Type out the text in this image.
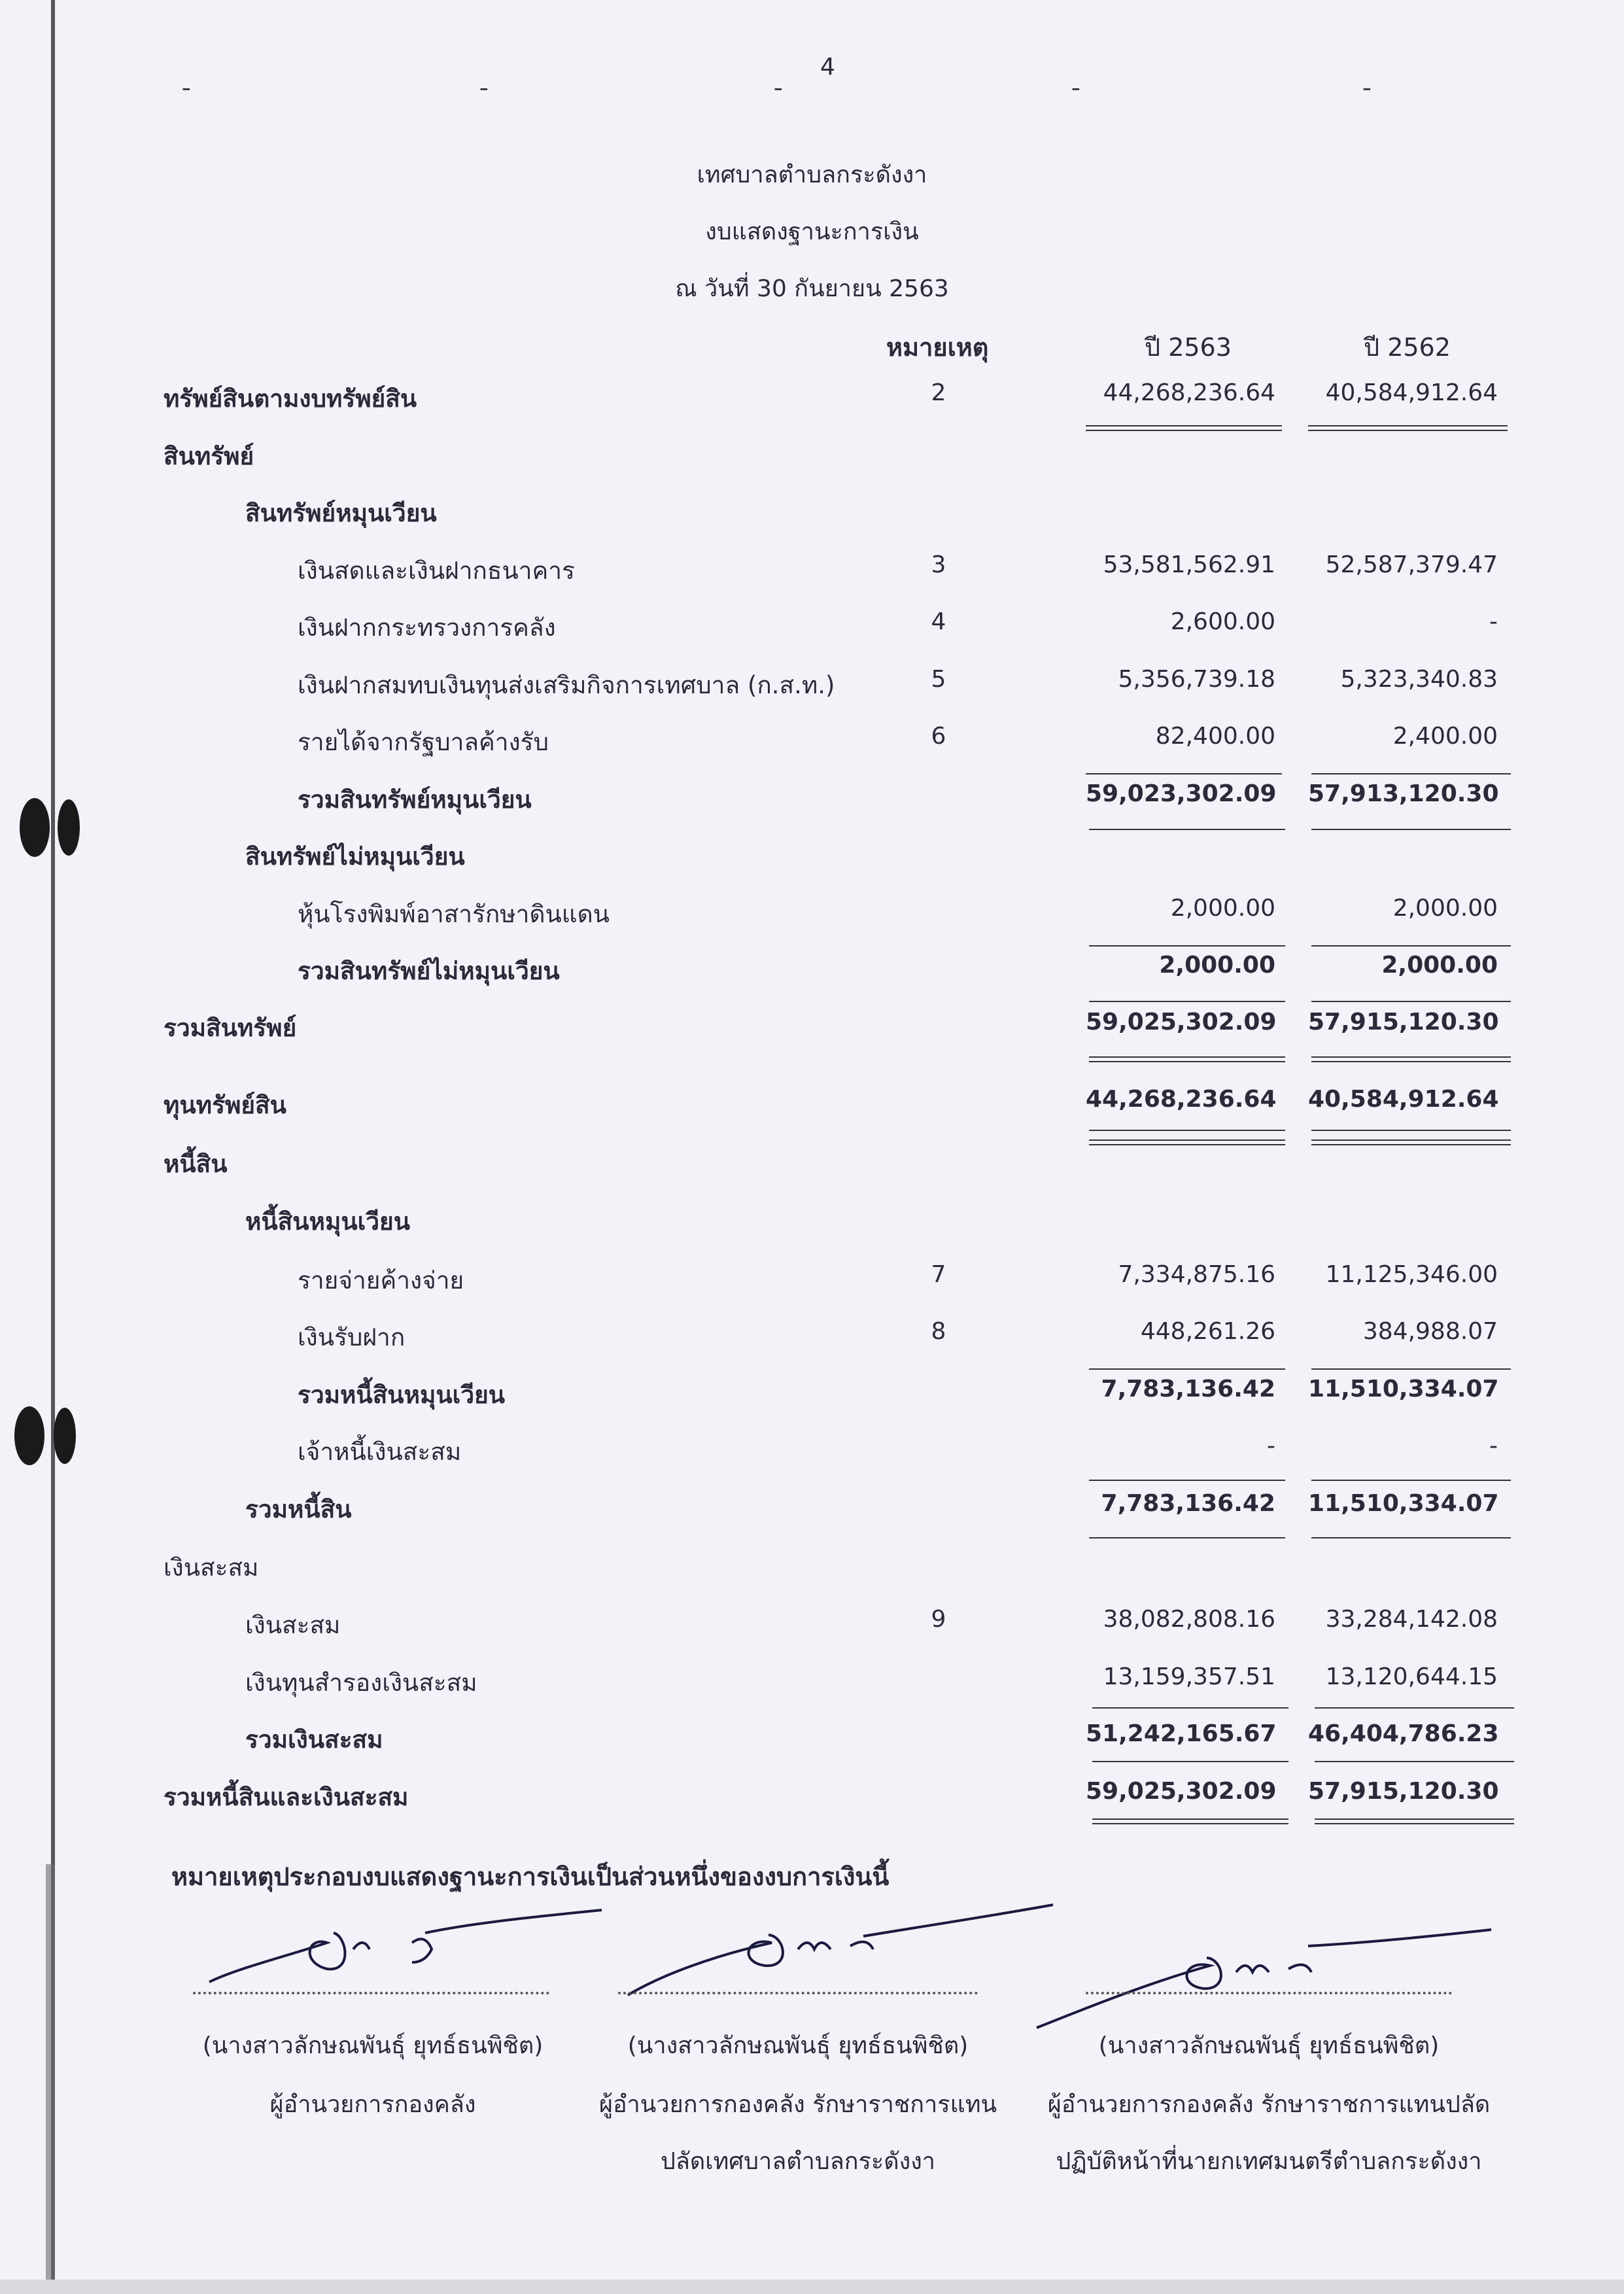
╴	╴	╴	╴	╴
4
เทศบาลตำบลกระดังงา
งบแสดงฐานะการเงิน
ณ วันที่ 30 กันยายน 2563
หมายเหตุ	ปี 2563	ปี 2562
ทรัพย์สินตามงบทรัพย์สิน	2	44,268,236.64	40,584,912.64
สินทรัพย์
สินทรัพย์หมุนเวียน
เงินสดและเงินฝากธนาคาร	3	53,581,562.91	52,587,379.47
เงินฝากกระทรวงการคลัง	4	2,600.00	-
เงินฝากสมทบเงินทุนส่งเสริมกิจการเทศบาล (ก.ส.ท.)	5	5,356,739.18	5,323,340.83
รายได้จากรัฐบาลค้างรับ	6	82,400.00	2,400.00
รวมสินทรัพย์หมุนเวียน	59,023,302.09 57,913,120.30
สินทรัพย์ไม่หมุนเวียน
หุ้นโรงพิมพ์อาสารักษาดินแดน	2,000.00	2,000.00
รวมสินทรัพย์ไม่หมุนเวียน	2,000.00	2,000.00
รวมสินทรัพย์	59,025,302.09 57,915,120.30
ทุนทรัพย์สิน	44,268,236.64 40,584,912.64
หนี้สิน
หนี้สินหมุนเวียน
รายจ่ายค้างจ่าย	7	7,334,875.16	11,125,346.00
เงินรับฝาก	8	448,261.26	384,988.07
รวมหนี้สินหมุนเวียน	7,783,136.42 11,510,334.07
เจ้าหนี้เงินสะสม	-	-
รวมหนี้สิน	7,783,136.42 11,510,334.07
เงินสะสม
เงินสะสม	9	38,082,808.16	33,284,142.08
เงินทุนสำรองเงินสะสม	13,159,357.51	13,120,644.15
รวมเงินสะสม	51,242,165.67 46,404,786.23
รวมหนี้สินและเงินสะสม	59,025,302.09 57,915,120.30
หมายเหตุประกอบงบแสดงฐานะการเงินเป็นส่วนหนึ่งของงบการเงินนี้
(นางสาวลักษณพันธุ์ ยุทธ์ธนพิชิต)	(นางสาวลักษณพันธุ์ ยุทธ์ธนพิชิต)	(นางสาวลักษณพันธุ์ ยุทธ์ธนพิชิต)
ผู้อำนวยการกองคลัง	ผู้อำนวยการกองคลัง รักษาราชการแทน
ปลัดเทศบาลตำบลกระดังงา
ผู้อำนวยการกองคลัง รักษาราชการแทนปลัด
ปฏิบัติหน้าที่นายกเทศมนตรีตำบลกระดังงา
